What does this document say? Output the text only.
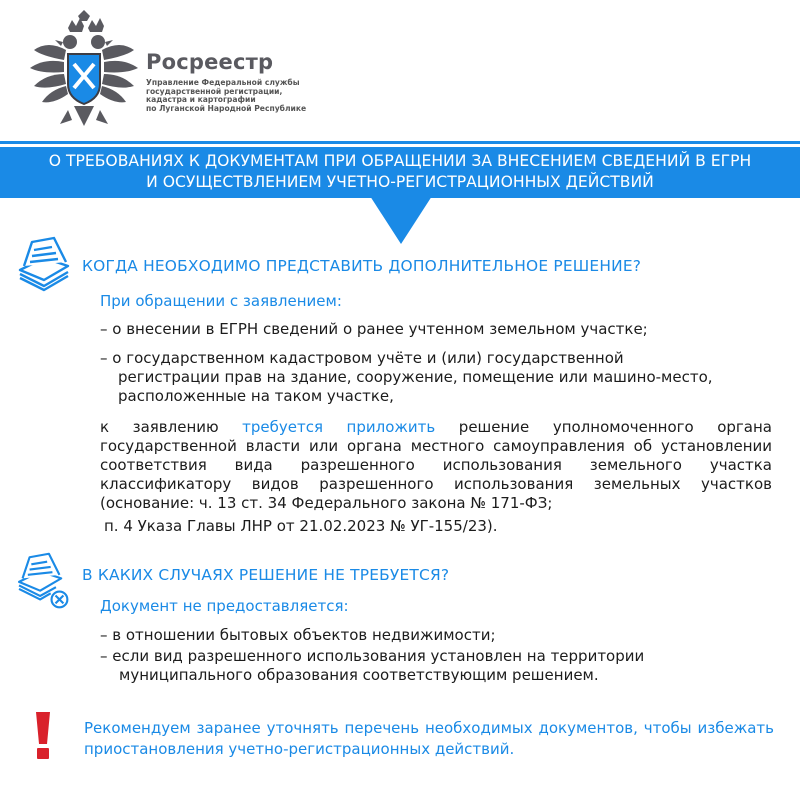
Росреестр
Управление Федеральной службы
государственной регистрации,
кадастра и картографии
по Луганской Народной Республике
О ТРЕБОВАНИЯХ К ДОКУМЕНТАМ ПРИ ОБРАЩЕНИИ ЗА ВНЕСЕНИЕМ СВЕДЕНИЙ В ЕГРН
И ОСУЩЕСТВЛЕНИЕМ УЧЕТНО-РЕГИСТРАЦИОННЫХ ДЕЙСТВИЙ
КОГДА НЕОБХОДИМО ПРЕДСТАВИТЬ ДОПОЛНИТЕЛЬНОЕ РЕШЕНИЕ?
При обращении с заявлением:
– о внесении в ЕГРН сведений о ранее учтенном земельном участке;
– о государственном кадастровом учёте и (или) государственной
регистрации прав на здание, сооружение, помещение или машино-место,
расположенные на таком участке,
к заявлению требуется приложить решение уполномоченного органа государственной власти или органа местного самоуправления об установлении соответствия вида разрешенного использования земельного участка классификатору видов разрешенного использования земельных участков (основание: ч. 13 ст. 34 Федерального закона № 171-ФЗ;
п. 4 Указа Главы ЛНР от 21.02.2023 № УГ-155/23).
В КАКИХ СЛУЧАЯХ РЕШЕНИЕ НЕ ТРЕБУЕТСЯ?
Документ не предоставляется:
– в отношении бытовых объектов недвижимости;
– если вид разрешенного использования установлен на территории
муниципального образования соответствующим решением.
Рекомендуем заранее уточнять перечень необходимых документов, чтобы избежать приостановления учетно-регистрационных действий.
